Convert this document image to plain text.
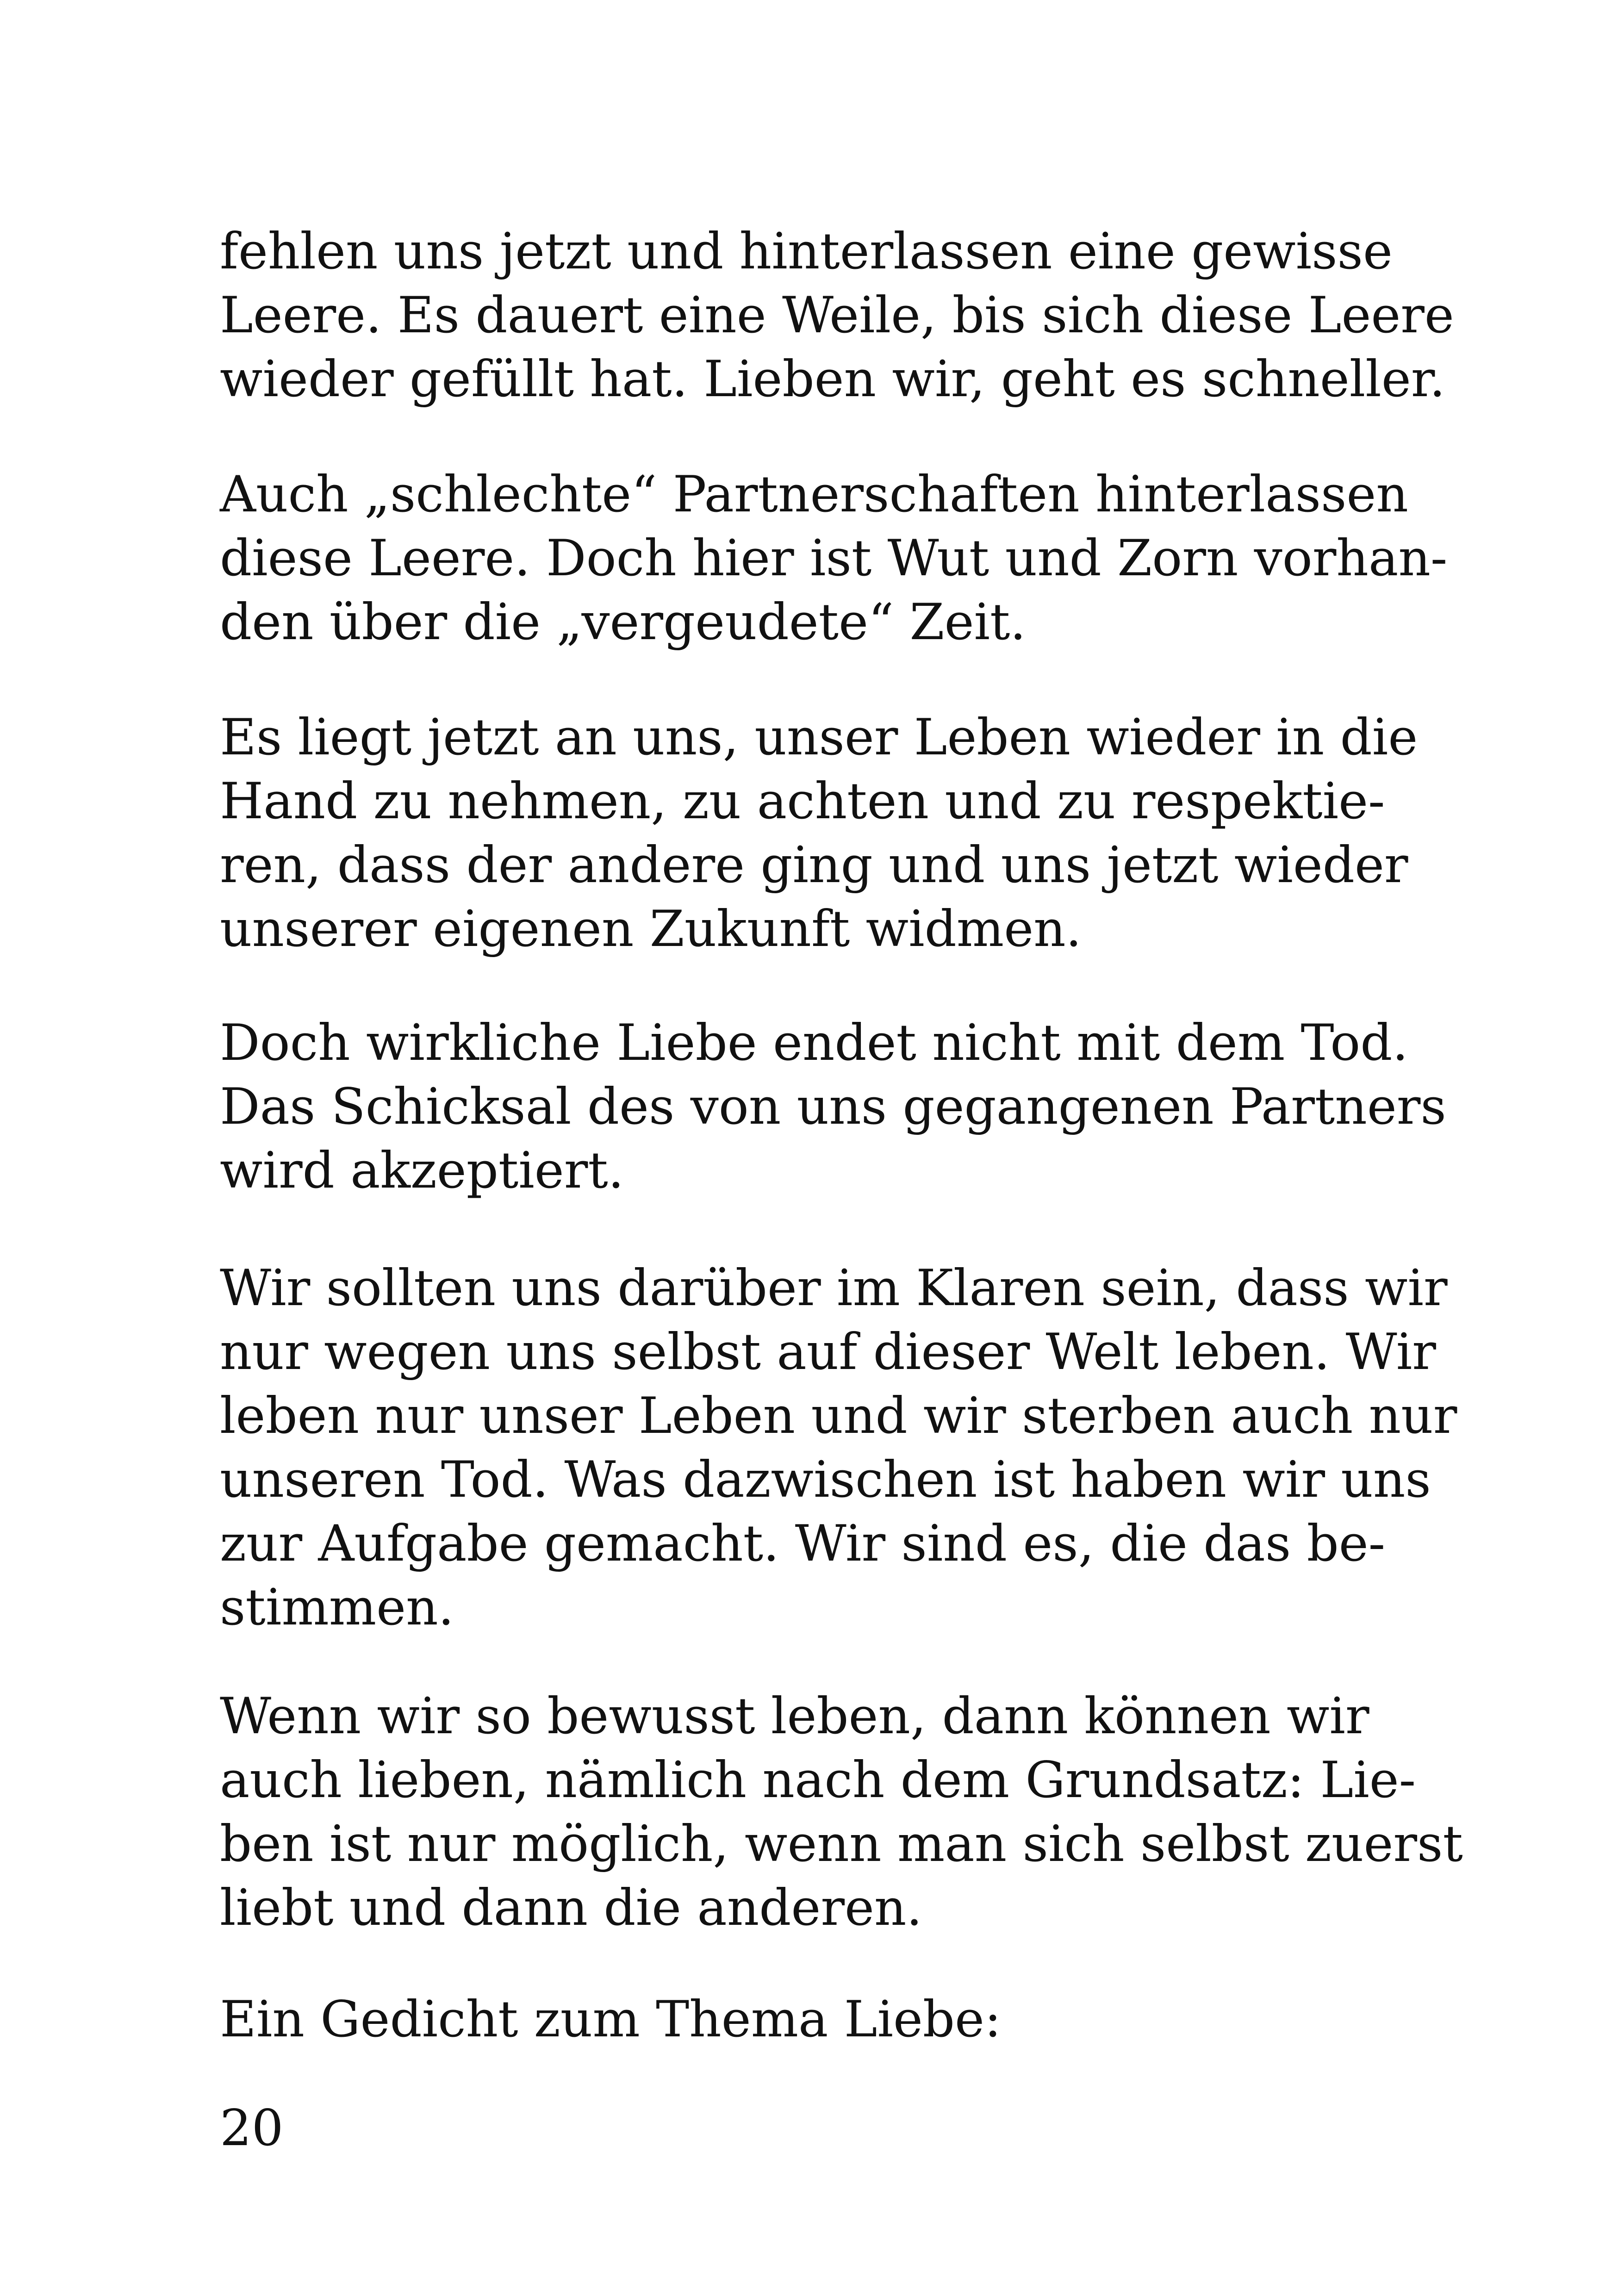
fehlen uns jetzt und hinterlassen eine gewisse
Leere. Es dauert eine Weile, bis sich diese Leere
wieder gefüllt hat. Lieben wir, geht es schneller.
Auch „schlechte“ Partnerschaften hinterlassen
diese Leere. Doch hier ist Wut und Zorn vorhan-
den über die „vergeudete“ Zeit.
Es liegt jetzt an uns, unser Leben wieder in die
Hand zu nehmen, zu achten und zu respektie-
ren, dass der andere ging und uns jetzt wieder
unserer eigenen Zukunft widmen.
Doch wirkliche Liebe endet nicht mit dem Tod.
Das Schicksal des von uns gegangenen Partners
wird akzeptiert.
Wir sollten uns darüber im Klaren sein, dass wir
nur wegen uns selbst auf dieser Welt leben. Wir
leben nur unser Leben und wir sterben auch nur
unseren Tod. Was dazwischen ist haben wir uns
zur Aufgabe gemacht. Wir sind es, die das be-
stimmen.
Wenn wir so bewusst leben, dann können wir
auch lieben, nämlich nach dem Grundsatz: Lie-
ben ist nur möglich, wenn man sich selbst zuerst
liebt und dann die anderen.
Ein Gedicht zum Thema Liebe:
20
